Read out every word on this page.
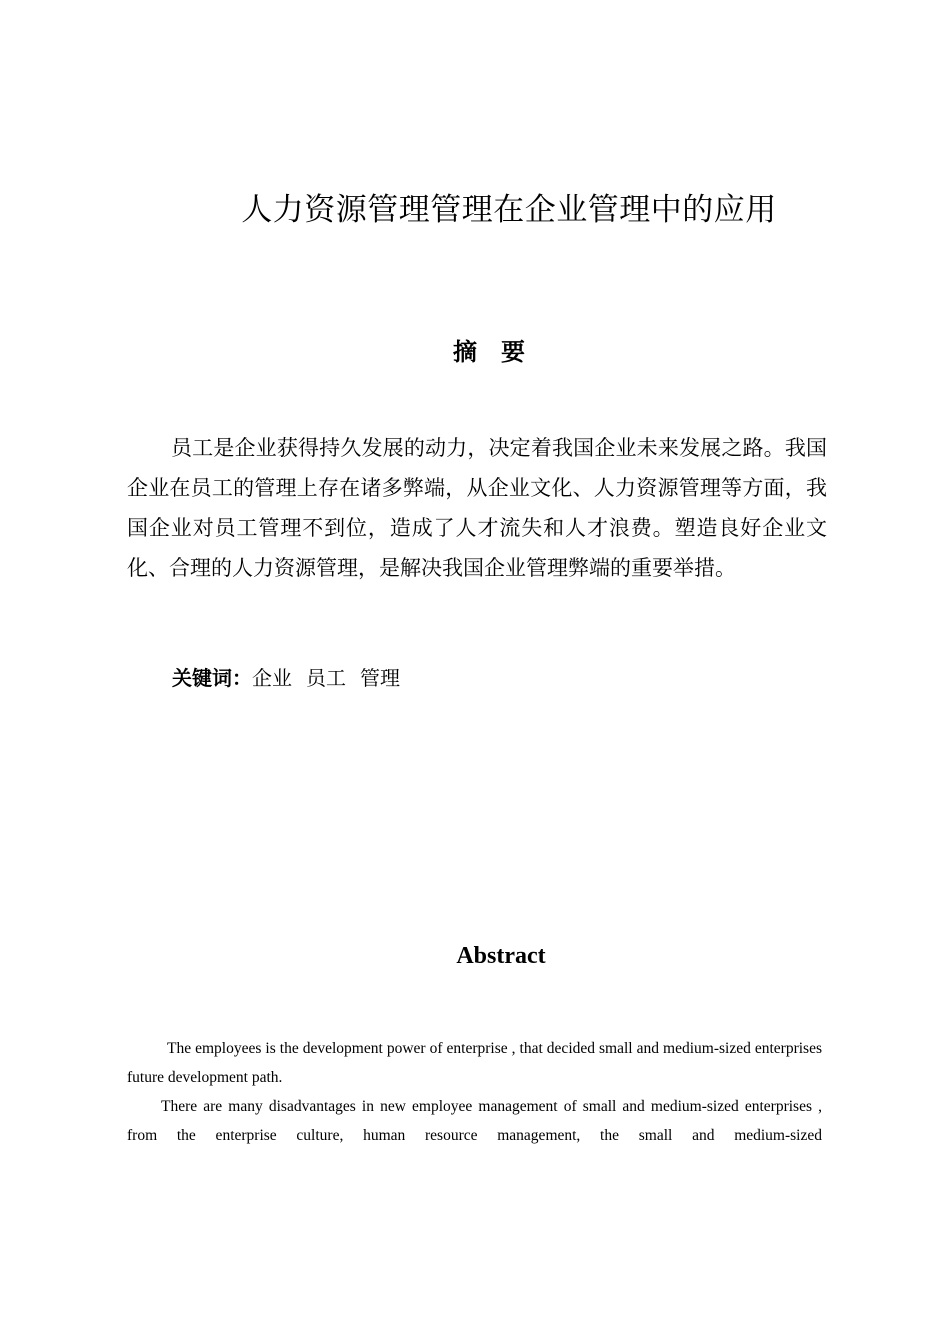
人力资源管理管理在企业管理中的应用
摘要

员工是企业获得持久发展的动力，决定着我国企业未来发展之路。我国企业在员工的管理上存在诸多弊端，从企业文化、人力资源管理等方面，我国企业对员工管理不到位，造成了人才流失和人才浪费。塑造良好企业文化、合理的人力资源管理，是解决我国企业管理弊端的重要举措。

关键词：企业 员工 管理

Abstract

The employees is the development power of enterprise , that decided small and medium-sized enterprises future development path.

There are many disadvantages in new employee management of small and medium-sized enterprises , from the enterprise culture, human resource management, the small and medium-sized
